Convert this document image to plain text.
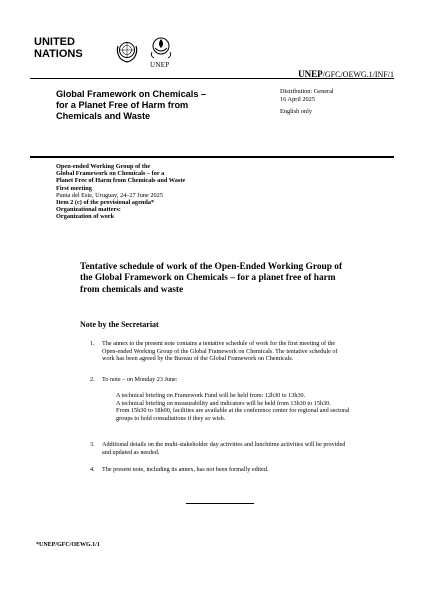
UNITED
NATIONS
UNEP
UNEP/GFC/OEWG.1/INF/1
Global Framework on Chemicals –
for a Planet Free of Harm from
Chemicals and Waste
Distribution: General
16 April 2025
English only
Open-ended Working Group of the
Global Framework on Chemicals – for a
Planet Free of Harm from Chemicals and Waste
First meeting
Punta del Este, Uruguay, 24–27 June 2025
Item 2 (c) of the provisional agenda*
Organizational matters:
Organization of work
Tentative schedule of work of the Open-Ended Working Group of
the Global Framework on Chemicals – for a planet free of harm
from chemicals and waste
Note by the Secretariat
1. The annex to the present note contains a tentative schedule of work for the first meeting of the
Open-ended Working Group of the Global Framework on Chemicals. The tentative schedule of
work has been agreed by the Bureau of the Global Framework on Chemicals.
2. To note – on Monday 23 June:
A technical briefing on Framework Fund will be held from: 12h30 to 13h30.
A technical briefing on measurability and indicators will be held from 13h30 to 15h30.
From 15h30 to 18h00, facilities are available at the conference center for regional and sectoral
groups to hold consultations if they so wish.
3. Additional details on the multi-stakeholder day activities and lunchtime activities will be provided
and updated as needed.
4. The present note, including its annex, has not been formally edited.
*UNEP/GFC/OEWG.1/1
